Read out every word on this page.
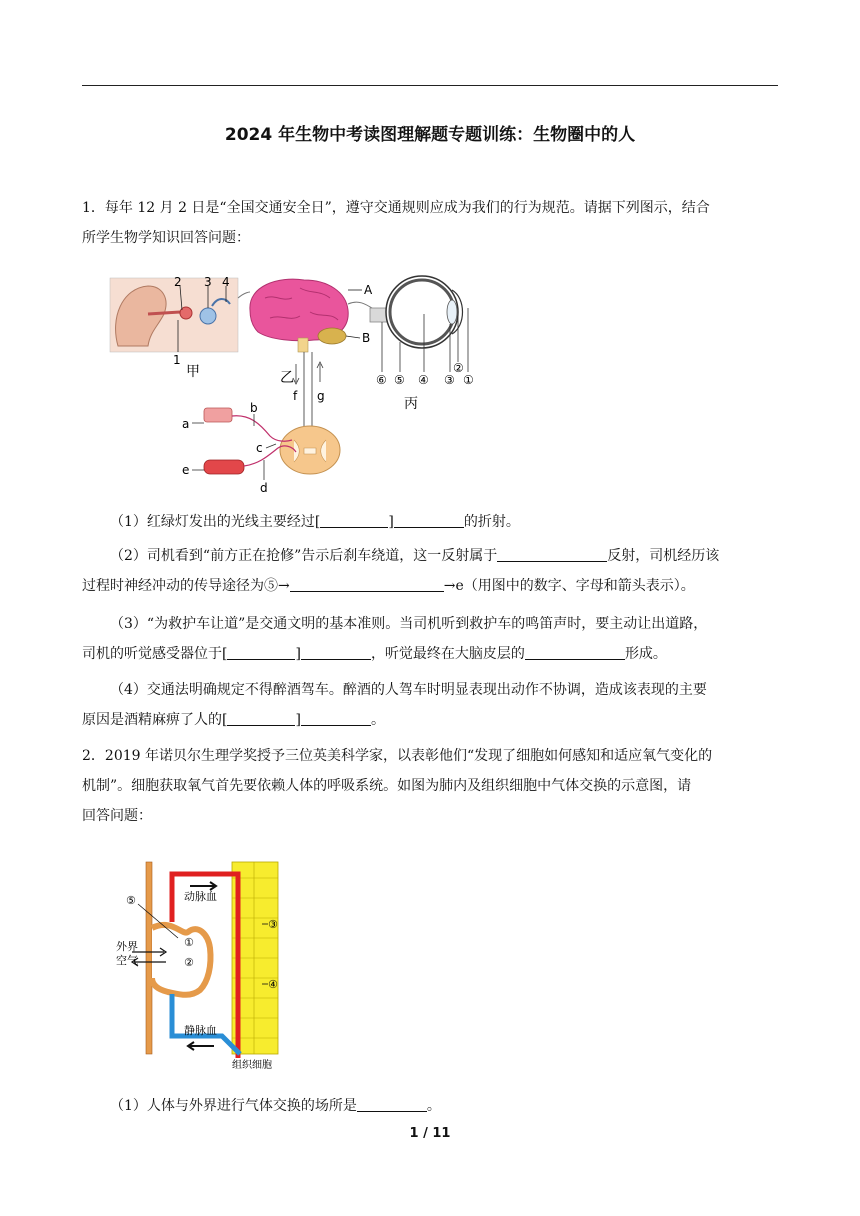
2024 年生物中考读图理解题专题训练：生物圈中的人
1．每年 12 月 2 日是“全国交通安全日”，遵守交通规则应成为我们的行为规范。请据下列图示，结合
所学生物学知识回答问题：
2 3 4
1
甲
A
B
乙
f g
a
b
c
d
e
⑥ ⑤ ④ ③
②
①
丙
（1）红绿灯发出的光线主要经过[	]	的折射。
（2）司机看到“前方正在抢修”告示后刹车绕道，这一反射属于	反射，司机经历该
过程时神经冲动的传导途径为⑤→	→e（用图中的数字、字母和箭头表示）。
（3）“为救护车让道”是交通文明的基本准则。当司机听到救护车的鸣笛声时，要主动让出道路，
司机的听觉感受器位于[	]	，听觉最终在大脑皮层的	形成。
（4）交通法明确规定不得醉酒驾车。醉酒的人驾车时明显表现出动作不协调，造成该表现的主要
原因是酒精麻痹了人的[	]	。
2．2019 年诺贝尔生理学奖授予三位英美科学家，以表彰他们“发现了细胞如何感知和适应氧气变化的
机制”。细胞获取氧气首先要依赖人体的呼吸系统。如图为肺内及组织细胞中气体交换的示意图，请
回答问题：
动脉血
静脉血
外界
空气
组织细胞
①
②
③
④
⑤
（1）人体与外界进行气体交换的场所是	。
1 / 11
